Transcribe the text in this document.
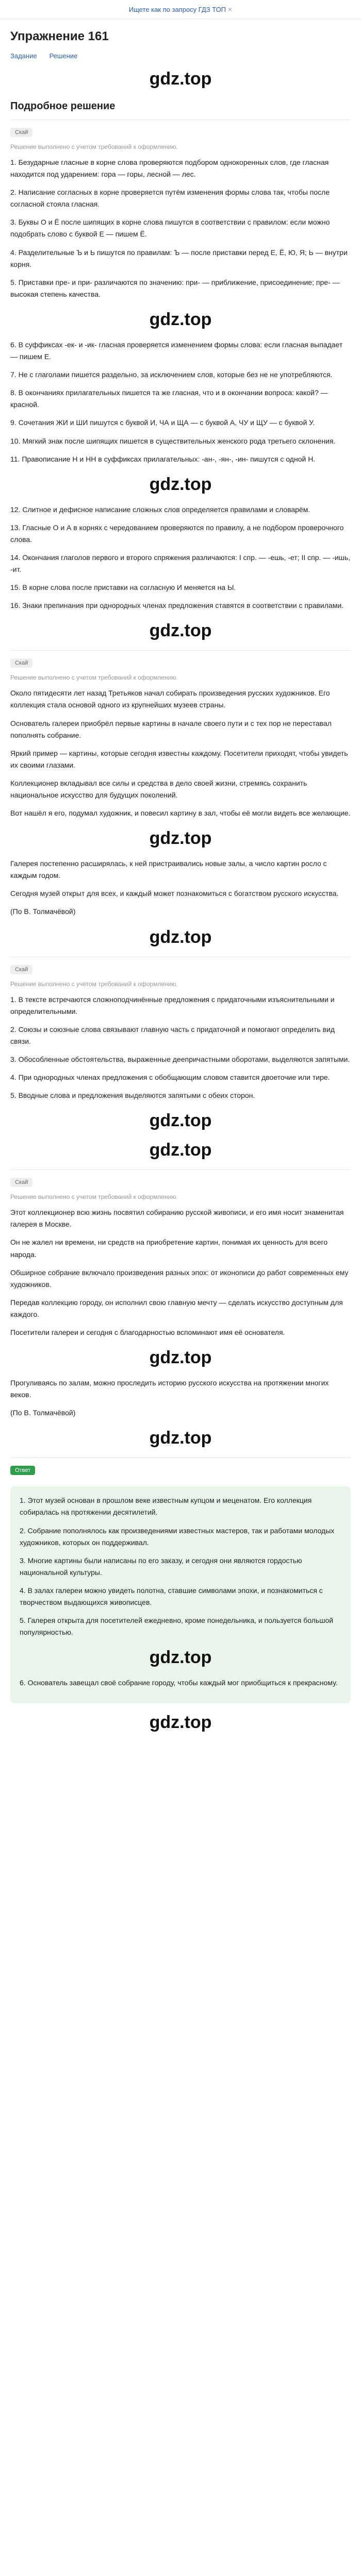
Ищете как по запросу ГДЗ ТОП ×
Упражнение 161
Задание Решение
gdz.top
Подробное решение
Скай
Решение выполнено с учетом требований к оформлению.

1. Безударные гласные в корне слова проверяются подбором однокоренных слов, где гласная находится под ударением: гора — горы, лесной — лес.

2. Написание согласных в корне проверяется путём изменения формы слова так, чтобы после согласной стояла гласная.

3. Буквы О и Ё после шипящих в корне слова пишутся в соответствии с правилом: если можно подобрать слово с буквой Е — пишем Ё.

4. Разделительные Ъ и Ь пишутся по правилам: Ъ — после приставки перед Е, Ё, Ю, Я; Ь — внутри корня.

5. Приставки пре- и при- различаются по значению: при- — приближение, присоединение; пре- — высокая степень качества.

gdz.top

6. В суффиксах -ек- и -ик- гласная проверяется изменением формы слова: если гласная выпадает — пишем Е.

7. Не с глаголами пишется раздельно, за исключением слов, которые без не не употребляются.

8. В окончаниях прилагательных пишется та же гласная, что и в окончании вопроса: какой? — красной.

9. Сочетания ЖИ и ШИ пишутся с буквой И, ЧА и ЩА — с буквой А, ЧУ и ЩУ — с буквой У.

10. Мягкий знак после шипящих пишется в существительных женского рода третьего склонения.

11. Правописание Н и НН в суффиксах прилагательных: -ан-, -ян-, -ин- пишутся с одной Н.

gdz.top

12. Слитное и дефисное написание сложных слов определяется правилами и словарём.

13. Гласные О и А в корнях с чередованием проверяются по правилу, а не подбором проверочного слова.

14. Окончания глаголов первого и второго спряжения различаются: I спр. — -ешь, -ет; II спр. — -ишь, -ит.

15. В корне слова после приставки на согласную И меняется на Ы.

16. Знаки препинания при однородных членах предложения ставятся в соответствии с правилами.

gdz.top
Скай
Решение выполнено с учетом требований к оформлению.

Около пятидесяти лет назад Третьяков начал собирать произведения русских художников. Его коллекция стала основой одного из крупнейших музеев страны.

Основатель галереи приобрёл первые картины в начале своего пути и с тех пор не переставал пополнять собрание.

Яркий пример — картины, которые сегодня известны каждому. Посетители приходят, чтобы увидеть их своими глазами.

Коллекционер вкладывал все силы и средства в дело своей жизни, стремясь сохранить национальное искусство для будущих поколений.

Вот нашёл я его, подумал художник, и повесил картину в зал, чтобы её могли видеть все желающие.

gdz.top

Галерея постепенно расширялась, к ней пристраивались новые залы, а число картин росло с каждым годом.

Сегодня музей открыт для всех, и каждый может познакомиться с богатством русского искусства.

(По В. Толмачёвой)

gdz.top
Скай
Решение выполнено с учетом требований к оформлению.

1. В тексте встречаются сложноподчинённые предложения с придаточными изъяснительными и определительными.

2. Союзы и союзные слова связывают главную часть с придаточной и помогают определить вид связи.

3. Обособленные обстоятельства, выраженные деепричастными оборотами, выделяются запятыми.

4. При однородных членах предложения с обобщающим словом ставится двоеточие или тире.

5. Вводные слова и предложения выделяются запятыми с обеих сторон.

gdz.top
gdz.top
Скай
Решение выполнено с учетом требований к оформлению.

Этот коллекционер всю жизнь посвятил собиранию русской живописи, и его имя носит знаменитая галерея в Москве.

Он не жалел ни времени, ни средств на приобретение картин, понимая их ценность для всего народа.

Обширное собрание включало произведения разных эпох: от иконописи до работ современных ему художников.

Передав коллекцию городу, он исполнил свою главную мечту — сделать искусство доступным для каждого.

Посетители галереи и сегодня с благодарностью вспоминают имя её основателя.

gdz.top

Прогуливаясь по залам, можно проследить историю русского искусства на протяжении многих веков.

(По В. Толмачёвой)

gdz.top
Ответ

1. Этот музей основан в прошлом веке известным купцом и меценатом. Его коллекция собиралась на протяжении десятилетий.

2. Собрание пополнялось как произведениями известных мастеров, так и работами молодых художников, которых он поддерживал.

3. Многие картины были написаны по его заказу, и сегодня они являются гордостью национальной культуры.

4. В залах галереи можно увидеть полотна, ставшие символами эпохи, и познакомиться с творчеством выдающихся живописцев.

5. Галерея открыта для посетителей ежедневно, кроме понедельника, и пользуется большой популярностью.

gdz.top

6. Основатель завещал своё собрание городу, чтобы каждый мог приобщиться к прекрасному.

gdz.top
